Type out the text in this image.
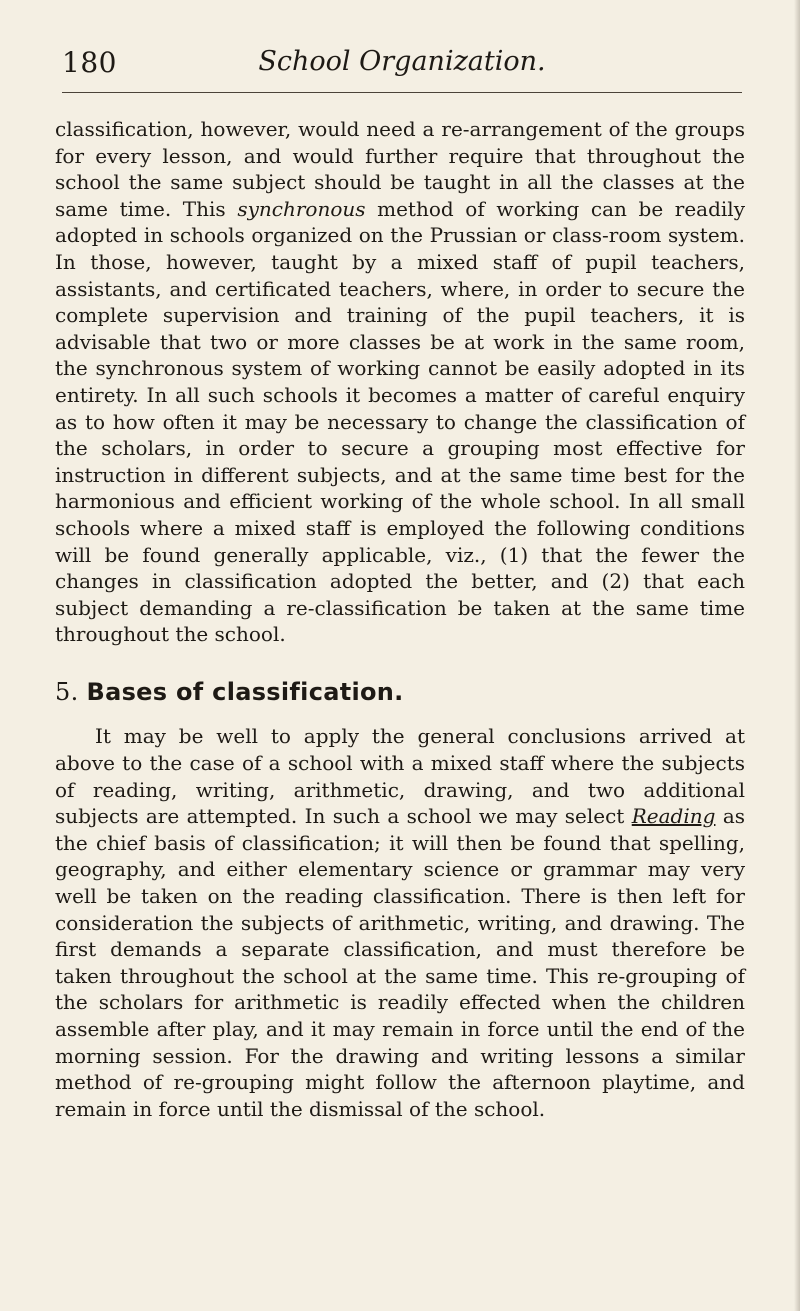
180	School Organization.

classification, however, would need a re-arrangement of the groups for every lesson, and would further require that throughout the school the same subject should be taught in all the classes at the same time. This synchronous method of working can be readily adopted in schools organized on the Prussian or class-room system. In those, however, taught by a mixed staff of pupil teachers, assistants, and certificated teachers, where, in order to secure the complete supervision and training of the pupil teachers, it is advisable that two or more classes be at work in the same room, the synchronous system of working cannot be easily adopted in its entirety. In all such schools it becomes a matter of careful enquiry as to how often it may be necessary to change the classification of the scholars, in order to secure a grouping most effective for instruction in different subjects, and at the same time best for the harmonious and efficient working of the whole school. In all small schools where a mixed staff is employed the following conditions will be found generally applicable, viz., (1) that the fewer the changes in classification adopted the better, and (2) that each subject demanding a re-classification be taken at the same time throughout the school.

5. Bases of classification.

It may be well to apply the general conclusions arrived at above to the case of a school with a mixed staff where the subjects of reading, writing, arithmetic, drawing, and two additional subjects are attempted. In such a school we may select Reading as the chief basis of classification; it will then be found that spelling, geography, and either elementary science or grammar may very well be taken on the reading classification. There is then left for consideration the subjects of arithmetic, writing, and drawing. The first demands a separate classification, and must therefore be taken throughout the school at the same time. This re-grouping of the scholars for arithmetic is readily effected when the children assemble after play, and it may remain in force until the end of the morning session. For the drawing and writing lessons a similar method of re-grouping might follow the afternoon playtime, and remain in force until the dismissal of the school.
